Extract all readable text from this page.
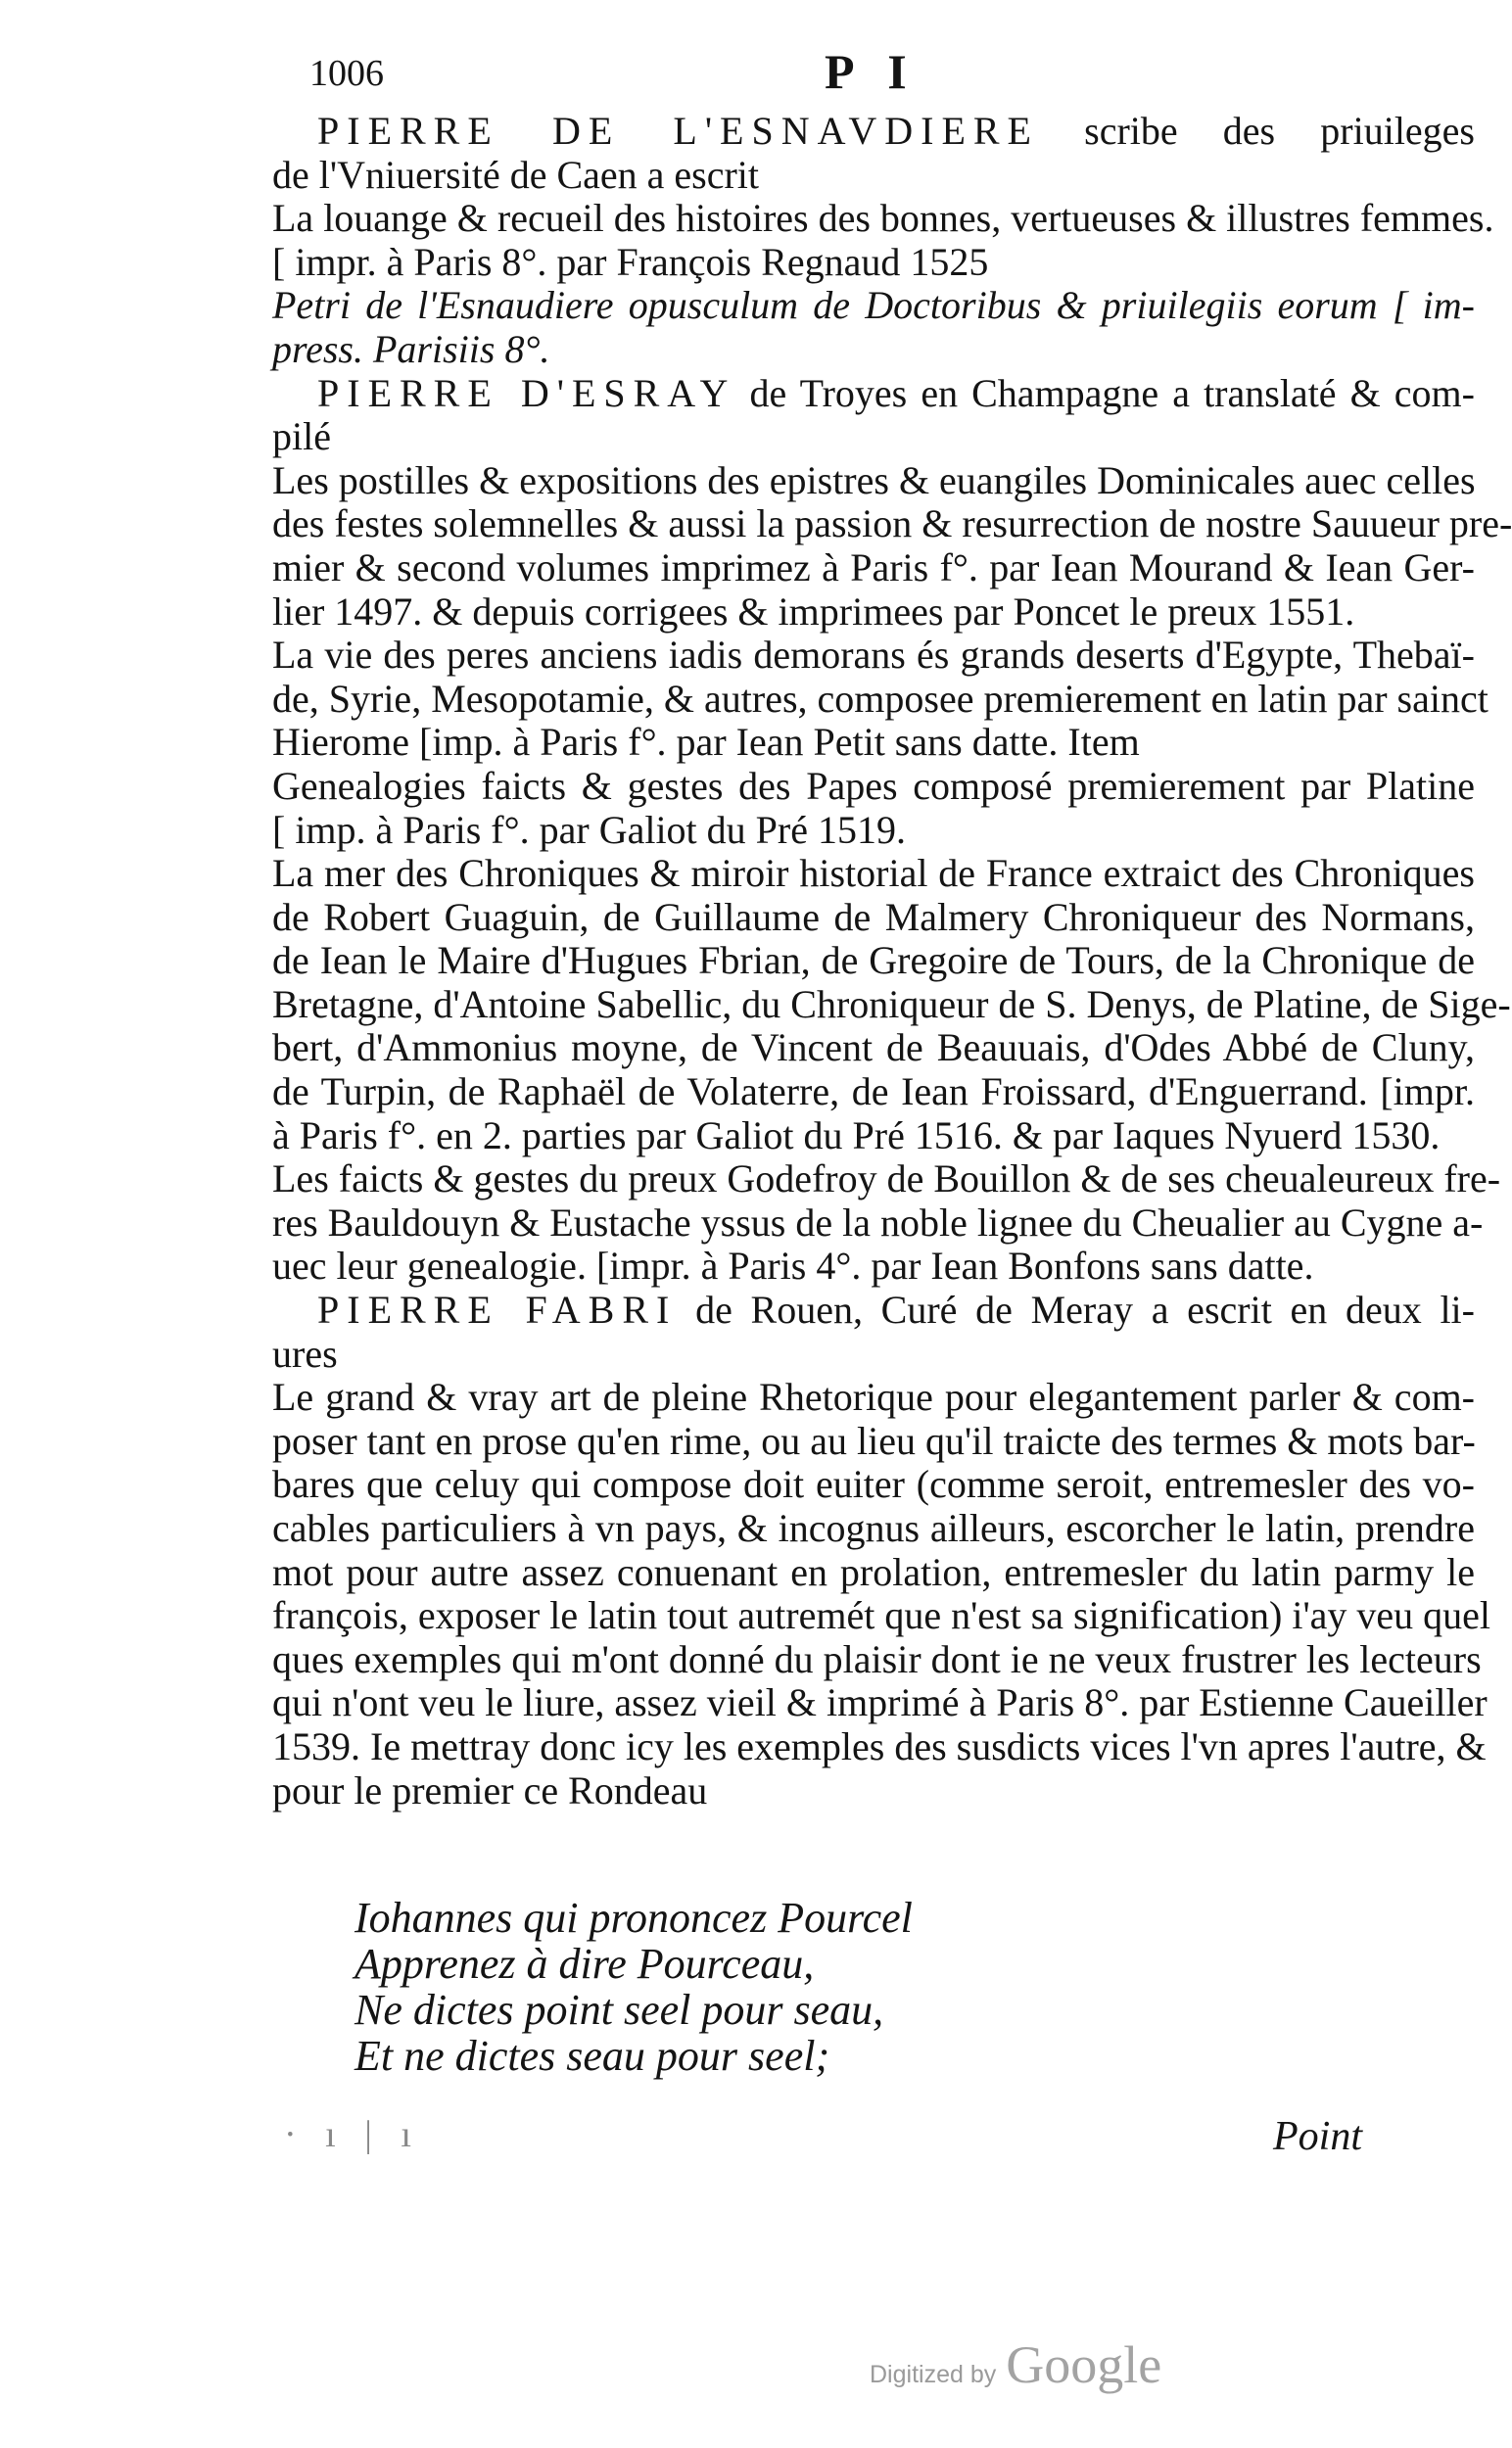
1006	P I
PIERRE DE L'ESNAVDIERE scribe des priuileges
de l'Vniuersité de Caen a escrit
La louange & recueil des histoires des bonnes, vertueuses & illustres femmes.
[ impr. à Paris 8°. par François Regnaud 1525
Petri de l'Esnaudiere opusculum de Doctoribus & priuilegiis eorum [ im-
press. Parisiis 8°.
PIERRE D'ESRAY de Troyes en Champagne a translaté & com-
pilé
Les postilles & expositions des epistres & euangiles Dominicales auec celles
des festes solemnelles & aussi la passion & resurrection de nostre Sauueur pre-
mier & second volumes imprimez à Paris f°. par Iean Mourand & Iean Ger-
lier 1497. & depuis corrigees & imprimees par Poncet le preux 1551.
La vie des peres anciens iadis demorans és grands deserts d'Egypte, Thebaï-
de, Syrie, Mesopotamie, & autres, composee premierement en latin par sainct
Hierome [imp. à Paris f°. par Iean Petit sans datte. Item
Genealogies faicts & gestes des Papes composé premierement par Platine
[ imp. à Paris f°. par Galiot du Pré 1519.
La mer des Chroniques & miroir historial de France extraict des Chroniques
de Robert Guaguin, de Guillaume de Malmery Chroniqueur des Normans,
de Iean le Maire d'Hugues Fbrian, de Gregoire de Tours, de la Chronique de
Bretagne, d'Antoine Sabellic, du Chroniqueur de S. Denys, de Platine, de Sige-
bert, d'Ammonius moyne, de Vincent de Beauuais, d'Odes Abbé de Cluny,
de Turpin, de Raphaël de Volaterre, de Iean Froissard, d'Enguerrand. [impr.
à Paris f°. en 2. parties par Galiot du Pré 1516. & par Iaques Nyuerd 1530.
Les faicts & gestes du preux Godefroy de Bouillon & de ses cheualeureux fre-
res Bauldouyn & Eustache yssus de la noble lignee du Cheualier au Cygne a-
uec leur genealogie. [impr. à Paris 4°. par Iean Bonfons sans datte.
PIERRE FABRI de Rouen, Curé de Meray a escrit en deux li-
ures
Le grand & vray art de pleine Rhetorique pour elegantement parler & com-
poser tant en prose qu'en rime, ou au lieu qu'il traicte des termes & mots bar-
bares que celuy qui compose doit euiter (comme seroit, entremesler des vo-
cables particuliers à vn pays, & incognus ailleurs, escorcher le latin, prendre
mot pour autre assez conuenant en prolation, entremesler du latin parmy le
françois, exposer le latin tout autremét que n'est sa signification) i'ay veu quel
ques exemples qui m'ont donné du plaisir dont ie ne veux frustrer les lecteurs
qui n'ont veu le liure, assez vieil & imprimé à Paris 8°. par Estienne Caueiller
1539. Ie mettray donc icy les exemples des susdicts vices l'vn apres l'autre, &
pour le premier ce Rondeau
Iohannes qui prononcez Pourcel
Apprenez à dire Pourceau,
Ne dictes point seel pour seau,
Et ne dictes seau pour seel;
· ı | ı	Point
Digitized by Google
